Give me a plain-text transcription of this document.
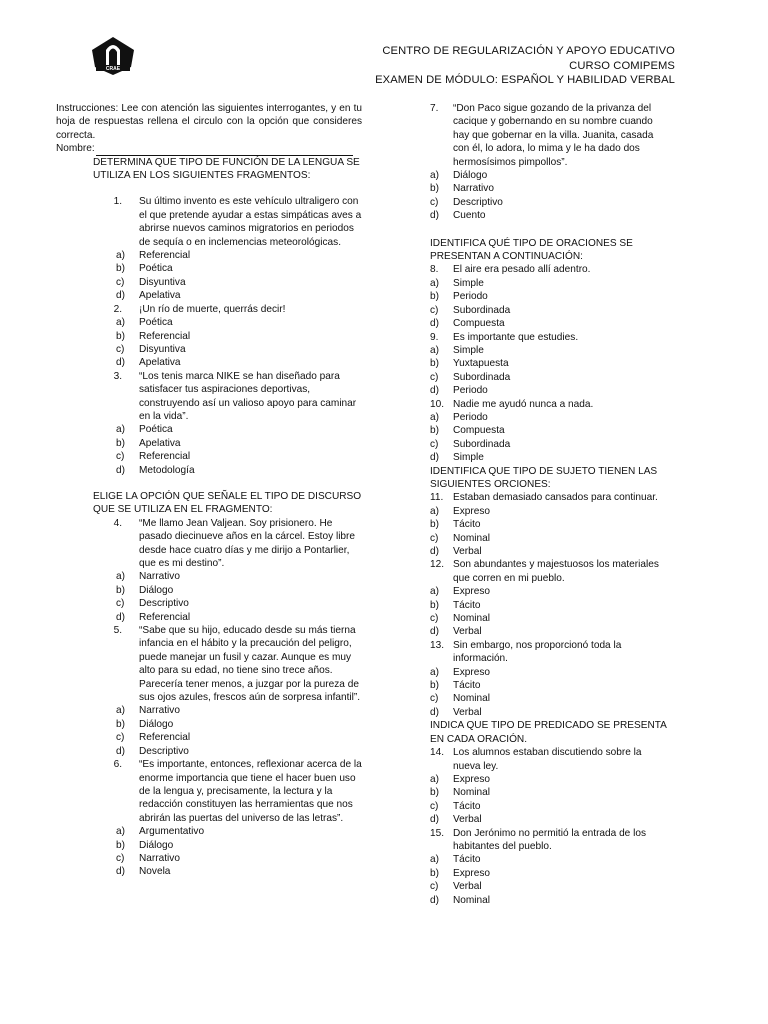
CRAE
CENTRO DE REGULARIZACIÓN Y APOYO EDUCATIVO
CURSO COMIPEMS
EXAMEN DE MÓDULO: ESPAÑOL Y HABILIDAD VERBAL
Instrucciones: Lee con atención las siguientes interrogantes, y en tu hoja de respuestas rellena el circulo con la opción que consideres correcta.
Nombre:
DETERMINA QUE TIPO DE FUNCIÓN DE LA LENGUA SE UTILIZA EN LOS SIGUIENTES FRAGMENTOS:
1.	Su último invento es este vehículo ultraligero con el que pretende ayudar a estas simpáticas aves a abrirse nuevos caminos migratorios en periodos de sequía o en inclemencias meteorológicas.
a)	Referencial
b)	Poética
c)	Disyuntiva
d)	Apelativa
2.	¡Un río de muerte, querrás decir!
a)	Poética
b)	Referencial
c)	Disyuntiva
d)	Apelativa
3.	“Los tenis marca NIKE se han diseñado para satisfacer tus aspiraciones deportivas, construyendo así un valioso apoyo para caminar en la vida”.
a)	Poética
b)	Apelativa
c)	Referencial
d)	Metodología
ELIGE LA OPCIÓN QUE SEÑALE EL TIPO DE DISCURSO QUE SE UTILIZA EN EL FRAGMENTO:
4.	“Me llamo Jean Valjean. Soy prisionero. He pasado diecinueve años en la cárcel. Estoy libre desde hace cuatro días y me dirijo a Pontarlier, que es mi destino”.
a)	Narrativo
b)	Diálogo
c)	Descriptivo
d)	Referencial
5.	“Sabe que su hijo, educado desde su más tierna infancia en el hábito y la precaución del peligro, puede manejar un fusil y cazar. Aunque es muy alto para su edad, no tiene sino trece años. Parecería tener menos, a juzgar por la pureza de sus ojos azules, frescos aún de sorpresa infantil”.
a)	Narrativo
b)	Diálogo
c)	Referencial
d)	Descriptivo
6.	“Es importante, entonces, reflexionar acerca de la enorme importancia que tiene el hacer buen uso de la lengua y, precisamente, la lectura y la redacción constituyen las herramientas que nos abrirán las puertas del universo de las letras”.
a)	Argumentativo
b)	Diálogo
c)	Narrativo
d)	Novela
7.	“Don Paco sigue gozando de la privanza del cacique y gobernando en su nombre cuando hay que gobernar en la villa. Juanita, casada con él, lo adora, lo mima y le ha dado dos hermosísimos pimpollos”.
a)	Diálogo
b)	Narrativo
c)	Descriptivo
d)	Cuento
IDENTIFICA QUÉ TIPO DE ORACIONES SE PRESENTAN A CONTINUACIÓN:
8.	El aire era pesado allí adentro.
a)	Simple
b)	Periodo
c)	Subordinada
d)	Compuesta
9.	Es importante que estudies.
a)	Simple
b)	Yuxtapuesta
c)	Subordinada
d)	Periodo
10. Nadie me ayudó nunca a nada.
a)	Periodo
b)	Compuesta
c)	Subordinada
d)	Simple
IDENTIFICA QUE TIPO DE SUJETO TIENEN LAS SIGUIENTES ORCIONES:
11. Estaban demasiado cansados para continuar.
a)	Expreso
b)	Tácito
c)	Nominal
d)	Verbal
12. Son abundantes y majestuosos los materiales que corren en mi pueblo.
a)	Expreso
b)	Tácito
c)	Nominal
d)	Verbal
13. Sin embargo, nos proporcionó toda la información.
a)	Expreso
b)	Tácito
c)	Nominal
d)	Verbal
INDICA QUE TIPO DE PREDICADO SE PRESENTA EN CADA ORACIÓN.
14. Los alumnos estaban discutiendo sobre la nueva ley.
a)	Expreso
b)	Nominal
c)	Tácito
d)	Verbal
15. Don Jerónimo no permitió la entrada de los habitantes del pueblo.
a)	Tácito
b)	Expreso
c)	Verbal
d)	Nominal
